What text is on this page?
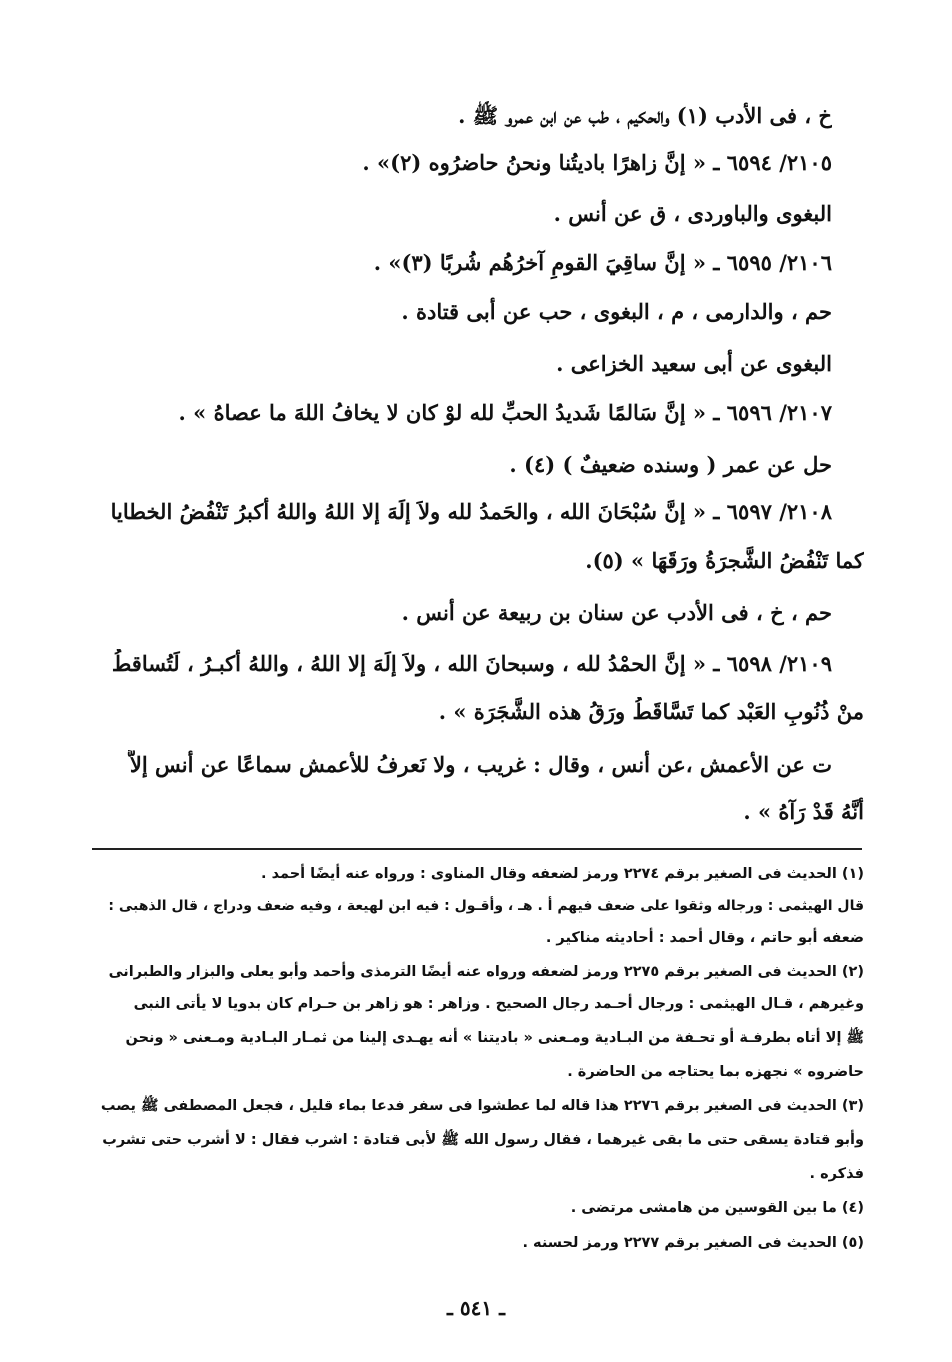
خ ، فى الأدب (١) والحكيم ، طب عن ابن عمرو ﷺ .
٢١٠٥/ ٦٥٩٤ ـ « إنَّ زاهرًا باديتُنا ونحنُ حاضرُوه (٢)» .
البغوى والباوردى ، ق عن أنس .
٢١٠٦/ ٦٥٩٥ ـ « إنَّ ساقِيَ القومِ آخرُهُم شُربًا (٣)» .
حم ، والدارمى ، م ، البغوى ، حب عن أبى قتادة .
البغوى عن أبى سعيد الخزاعى .
٢١٠٧/ ٦٥٩٦ ـ « إنَّ سَالمًا شَديدُ الحبِّ لله لوْ كان لا يخافُ اللهَ ما عصاهُ » .
حل عن عمر ( وسنده ضعيفٌ ) (٤) .
٢١٠٨/ ٦٥٩٧ ـ « إنَّ سُبْحَانَ الله ، والحَمدُ لله ولاَ إلَهَ إلا اللهُ واللهُ أكبرُ تَنْفُضُ الخطايا
كما تَنْفُضُ الشَّجرَةُ ورَقَهَا » (٥).
حم ، خ ، فى الأدب عن سنان بن ربيعة عن أنس .
٢١٠٩/ ٦٥٩٨ ـ « إنَّ الحمْدُ لله ، وسبحانَ الله ، ولاَ إلَهَ إلا اللهُ ، واللهُ أكبـرُ ، لَتُساقطُ
منْ ذُنُوبِ العَبْد كما تَسَّاقَطُ ورَقُ هذه الشَّجَرَة » .
ت عن الأعمش ،عن أنس ، وقال : غريب ، ولا نَعرفُ للأعمش سماعًا عن أنس إلاَّ
أنَّهُ قَدْ رَآهُ » .
(١) الحديث فى الصغير برقم ٢٢٧٤ ورمز لضعفه وقال المناوى : ورواه عنه أيضًا أحمد .
قال الهيثمى : ورجاله وثقوا على ضعف فيهم أ . هـ ، وأقـول : فيه ابن لهيعة ، وفيه ضعف ودراج ، قال الذهبى :
ضعفه أبو حاتم ، وقال أحمد : أحاديثه مناكير .
(٢) الحديث فى الصغير برقم ٢٢٧٥ ورمز لضعفه ورواه عنه أيضًا الترمذى وأحمد وأبو يعلى والبزار والطبرانى
وغيرهم ، قـال الهيثمى : ورجال أحـمد رجال الصحيح . وزاهر : هو زاهر بن حـرام كان بدويا لا يأتى النبى
ﷺ إلا أتاه بطرفـة أو تحـفة من البـادية ومـعنى « باديتنا » أنه يهـدى إلينا من ثمـار البـادية ومـعنى « ونحن
حاضروه » نجهزه بما يحتاجه من الحاضرة .
(٣) الحديث فى الصغير برقم ٢٢٧٦ هذا قاله لما عطشوا فى سفر فدعا بماء قليل ، فجعل المصطفى ﷺ يصب
وأبو قتادة يسقى حتى ما بقى غيرهما ، فقال رسول الله ﷺ لأبى قتادة : اشرب فقال : لا أشرب حتى تشرب
فذكره .
(٤) ما بين القوسين من هامشى مرتضى .
(٥) الحديث فى الصغير برقم ٢٢٧٧ ورمز لحسنه .
ـ ٥٤١ ـ
